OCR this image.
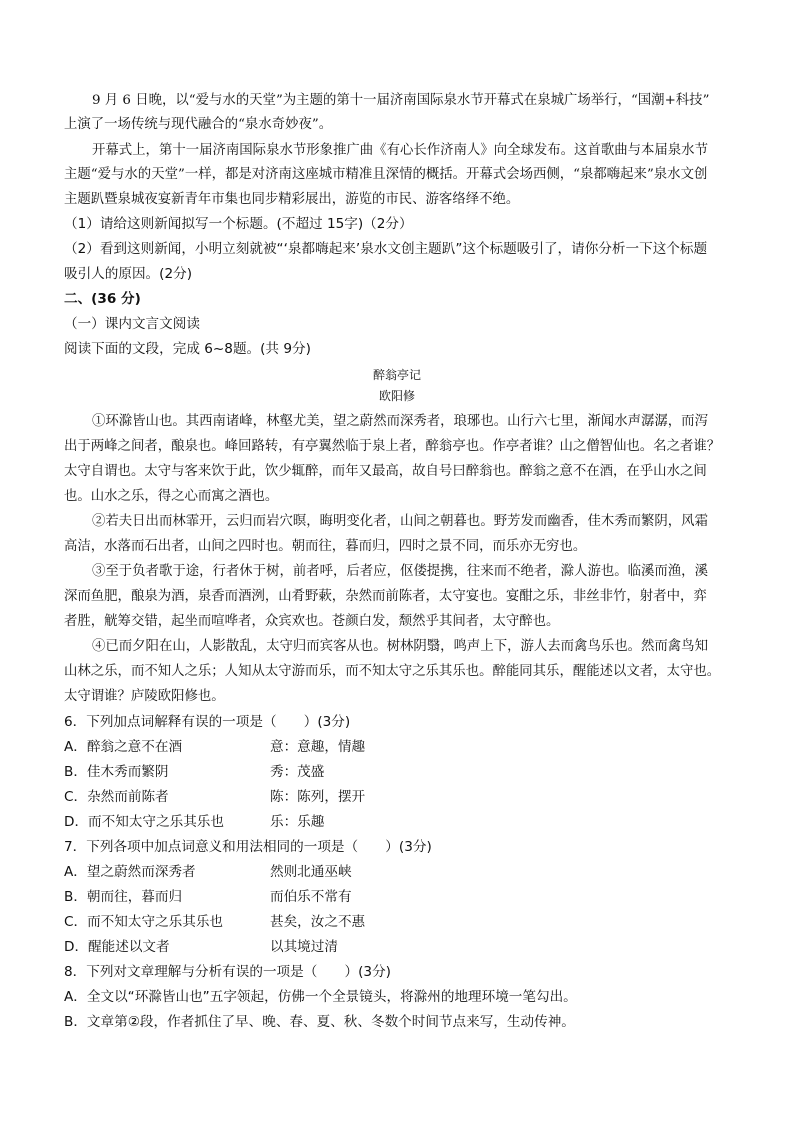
9 月 6 日晚，以“爱与水的天堂”为主题的第十一届济南国际泉水节开幕式在泉城广场举行，“国潮+科技”
上演了一场传统与现代融合的“泉水奇妙夜”。
开幕式上，第十一届济南国际泉水节形象推广曲《有心长作济南人》向全球发布。这首歌曲与本届泉水节
主题“爱与水的天堂”一样，都是对济南这座城市精准且深情的概括。开幕式会场西侧，“泉都嗨起来”泉水文创
主题趴暨泉城夜宴新青年市集也同步精彩展出，游览的市民、游客络绎不绝。
（1）请给这则新闻拟写一个标题。(不超过 15字)（2分）
（2）看到这则新闻，小明立刻就被“‘泉都嗨起来’泉水文创主题趴”这个标题吸引了，请你分析一下这个标题
吸引人的原因。(2分)
二、(36 分)
（一）课内文言文阅读
阅读下面的文段，完成 6~8题。(共 9分)
醉翁亭记
欧阳修
①环滁皆山也。其西南诸峰，林壑尤美，望之蔚然而深秀者，琅琊也。山行六七里，渐闻水声潺潺，而泻
出于两峰之间者，酿泉也。峰回路转，有亭翼然临于泉上者，醉翁亭也。作亭者谁？山之僧智仙也。名之者谁？
太守自谓也。太守与客来饮于此，饮少辄醉，而年又最高，故自号曰醉翁也。醉翁之意不在酒，在乎山水之间
也。山水之乐，得之心而寓之酒也。
②若夫日出而林霏开，云归而岩穴暝，晦明变化者，山间之朝暮也。野芳发而幽香，佳木秀而繁阴，风霜
高洁，水落而石出者，山间之四时也。朝而往，暮而归，四时之景不同，而乐亦无穷也。
③至于负者歌于途，行者休于树，前者呼，后者应，伛偻提携，往来而不绝者，滁人游也。临溪而渔，溪
深而鱼肥，酿泉为酒，泉香而酒洌，山肴野蔌，杂然而前陈者，太守宴也。宴酣之乐，非丝非竹，射者中，弈
者胜，觥筹交错，起坐而喧哗者，众宾欢也。苍颜白发，颓然乎其间者，太守醉也。
④已而夕阳在山，人影散乱，太守归而宾客从也。树林阴翳，鸣声上下，游人去而禽鸟乐也。然而禽鸟知
山林之乐，而不知人之乐；人知从太守游而乐，而不知太守之乐其乐也。醉能同其乐，醒能述以文者，太守也。
太守谓谁？庐陵欧阳修也。
6．下列加点词解释有误的一项是（　　）(3分)
A．醉翁之意不在酒	意：意趣，情趣
B．佳木秀而繁阴	秀：茂盛
C．杂然而前陈者	陈：陈列，摆开
D．而不知太守之乐其乐也	乐：乐趣
7．下列各项中加点词意义和用法相同的一项是（　　）(3分)
A．望之蔚然而深秀者	然则北通巫峡
B．朝而往，暮而归	而伯乐不常有
C．而不知太守之乐其乐也	甚矣，汝之不惠
D．醒能述以文者	以其境过清
8．下列对文章理解与分析有误的一项是（　　）(3分)
A．全文以“环滁皆山也”五字领起，仿佛一个全景镜头，将滁州的地理环境一笔勾出。
B．文章第②段，作者抓住了早、晚、春、夏、秋、冬数个时间节点来写，生动传神。
